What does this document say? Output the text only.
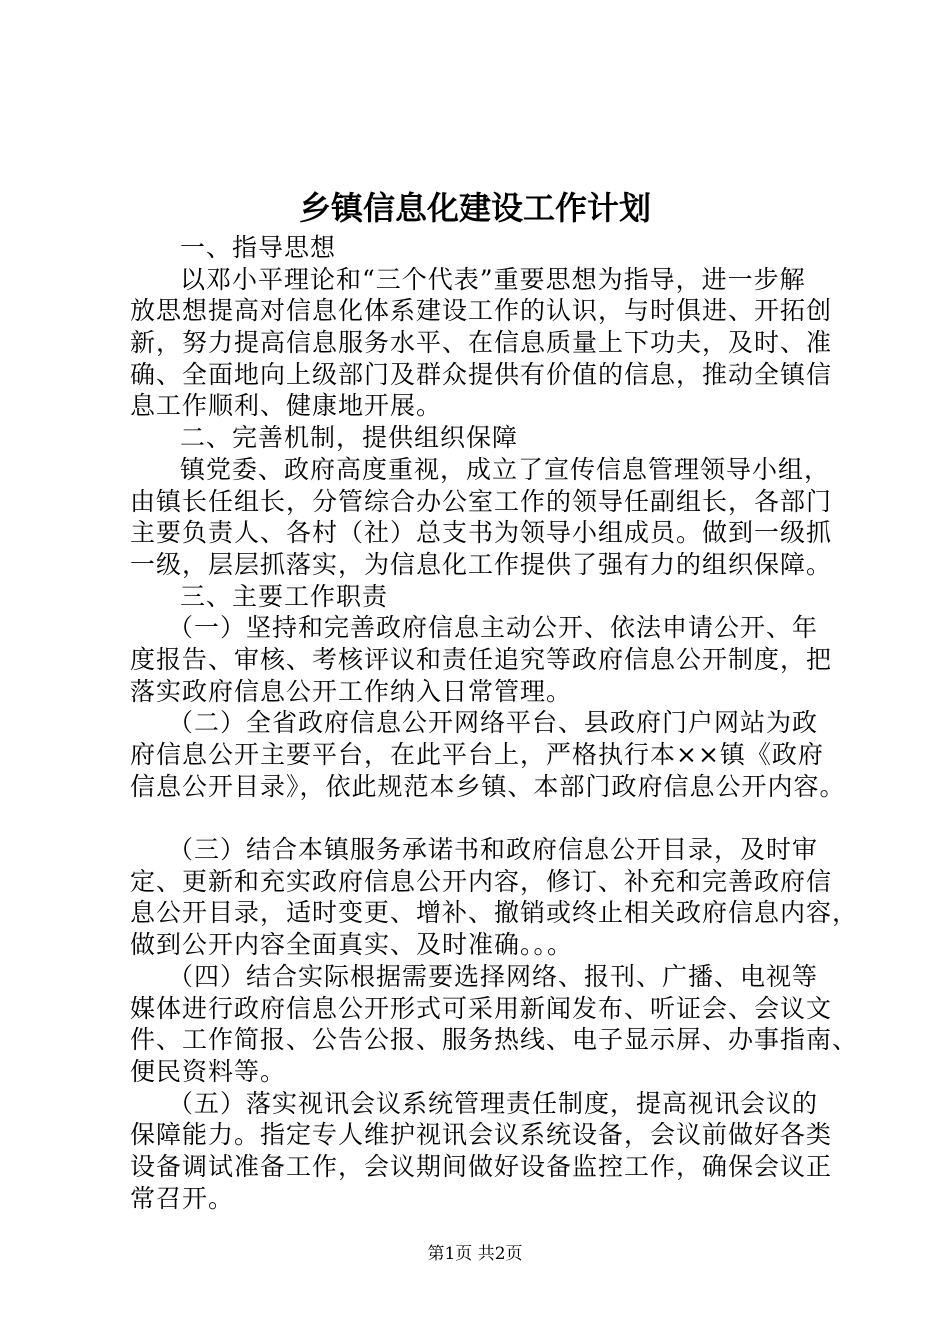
乡镇信息化建设工作计划
一、指导思想
以邓小平理论和“三个代表”重要思想为指导，进一步解
放思想提高对信息化体系建设工作的认识，与时俱进、开拓创
新，努力提高信息服务水平、在信息质量上下功夫，及时、准
确、全面地向上级部门及群众提供有价值的信息，推动全镇信
息工作顺利、健康地开展。
二、完善机制，提供组织保障
镇党委、政府高度重视，成立了宣传信息管理领导小组，
由镇长任组长，分管综合办公室工作的领导任副组长，各部门
主要负责人、各村（社）总支书为领导小组成员。做到一级抓
一级，层层抓落实，为信息化工作提供了强有力的组织保障。
三、主要工作职责
（一）坚持和完善政府信息主动公开、依法申请公开、年
度报告、审核、考核评议和责任追究等政府信息公开制度，把
落实政府信息公开工作纳入日常管理。
（二）全省政府信息公开网络平台、县政府门户网站为政
府信息公开主要平台，在此平台上，严格执行本××镇《政府
信息公开目录》，依此规范本乡镇、本部门政府信息公开内容。
（三）结合本镇服务承诺书和政府信息公开目录，及时审
定、更新和充实政府信息公开内容，修订、补充和完善政府信
息公开目录，适时变更、增补、撤销或终止相关政府信息内容，
做到公开内容全面真实、及时准确。。。
（四）结合实际根据需要选择网络、报刊、广播、电视等
媒体进行政府信息公开形式可采用新闻发布、听证会、会议文
件、工作简报、公告公报、服务热线、电子显示屏、办事指南、
便民资料等。
（五）落实视讯会议系统管理责任制度，提高视讯会议的
保障能力。指定专人维护视讯会议系统设备，会议前做好各类
设备调试准备工作，会议期间做好设备监控工作，确保会议正
常召开。
第1页 共2页
